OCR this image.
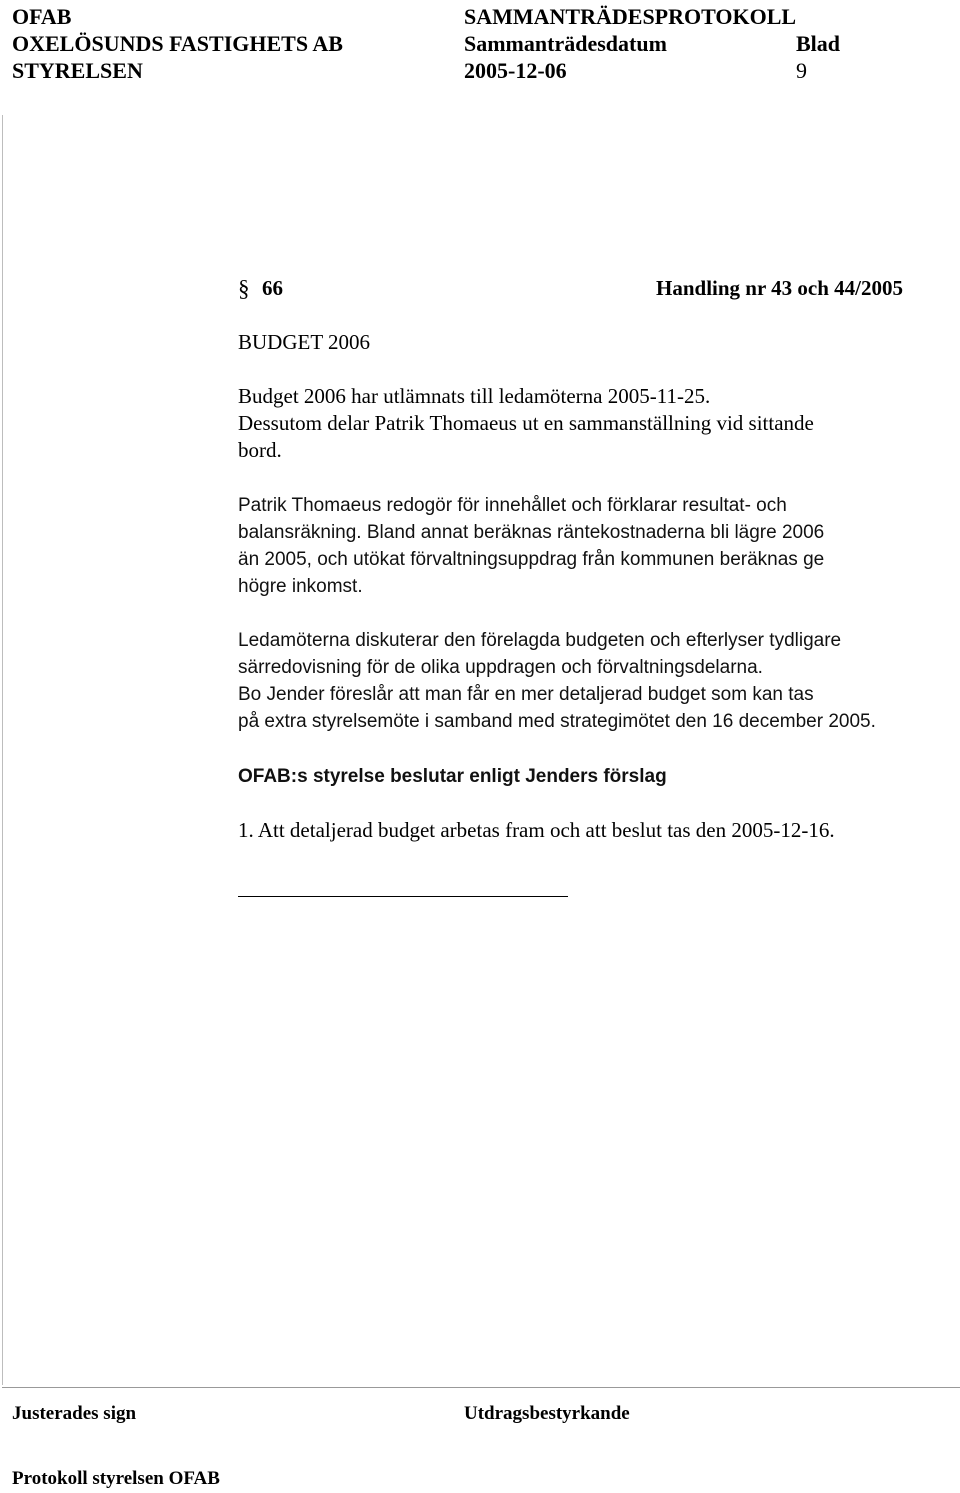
OFAB	SAMMANTRÄDESPROTOKOLL
OXELÖSUNDS FASTIGHETS AB	Sammanträdesdatum	Blad
STYRELSEN	2005-12-06	9
§ 66	Handling nr 43 och 44/2005
BUDGET 2006
Budget 2006 har utlämnats till ledamöterna 2005-11-25.
Dessutom delar Patrik Thomaeus ut en sammanställning vid sittande
bord.
Patrik Thomaeus redogör för innehållet och förklarar resultat- och
balansräkning. Bland annat beräknas räntekostnaderna bli lägre 2006
än 2005, och utökat förvaltningsuppdrag från kommunen beräknas ge
högre inkomst.
Ledamöterna diskuterar den förelagda budgeten och efterlyser tydligare
särredovisning för de olika uppdragen och förvaltningsdelarna.
Bo Jender föreslår att man får en mer detaljerad budget som kan tas
på extra styrelsemöte i samband med strategimötet den 16 december 2005.
OFAB:s styrelse beslutar enligt Jenders förslag
1. Att detaljerad budget arbetas fram och att beslut tas den 2005-12-16.
Justerades sign	Utdragsbestyrkande
Protokoll styrelsen OFAB
